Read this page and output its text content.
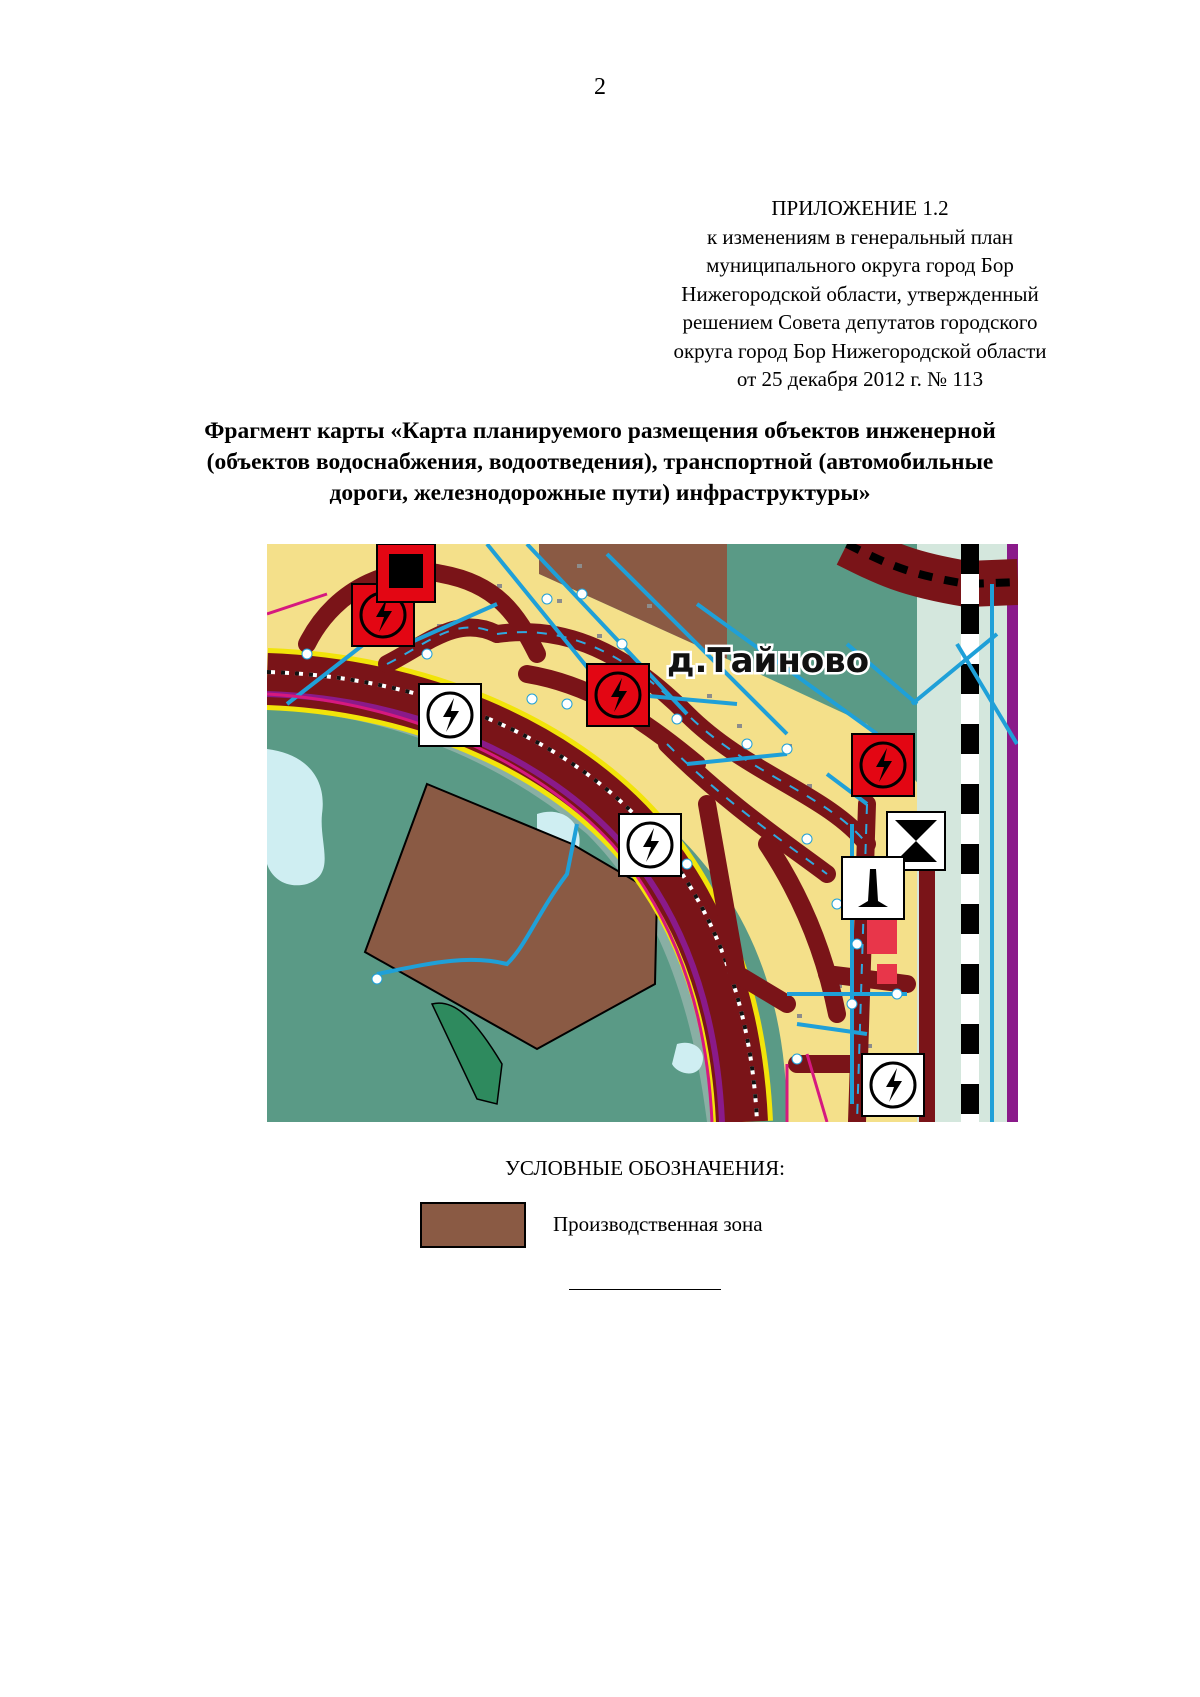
2
ПРИЛОЖЕНИЕ 1.2
к изменениям в генеральный план
муниципального округа город Бор
Нижегородской области, утвержденный
решением Совета депутатов городского
округа город Бор Нижегородской области
от 25 декабря 2012 г. № 113
Фрагмент карты «Карта планируемого размещения объектов инженерной
(объектов водоснабжения, водоотведения), транспортной (автомобильные
дороги, железнодорожные пути) инфраструктуры»
д.Тайново
УСЛОВНЫЕ ОБОЗНАЧЕНИЯ:
Производственная зона
